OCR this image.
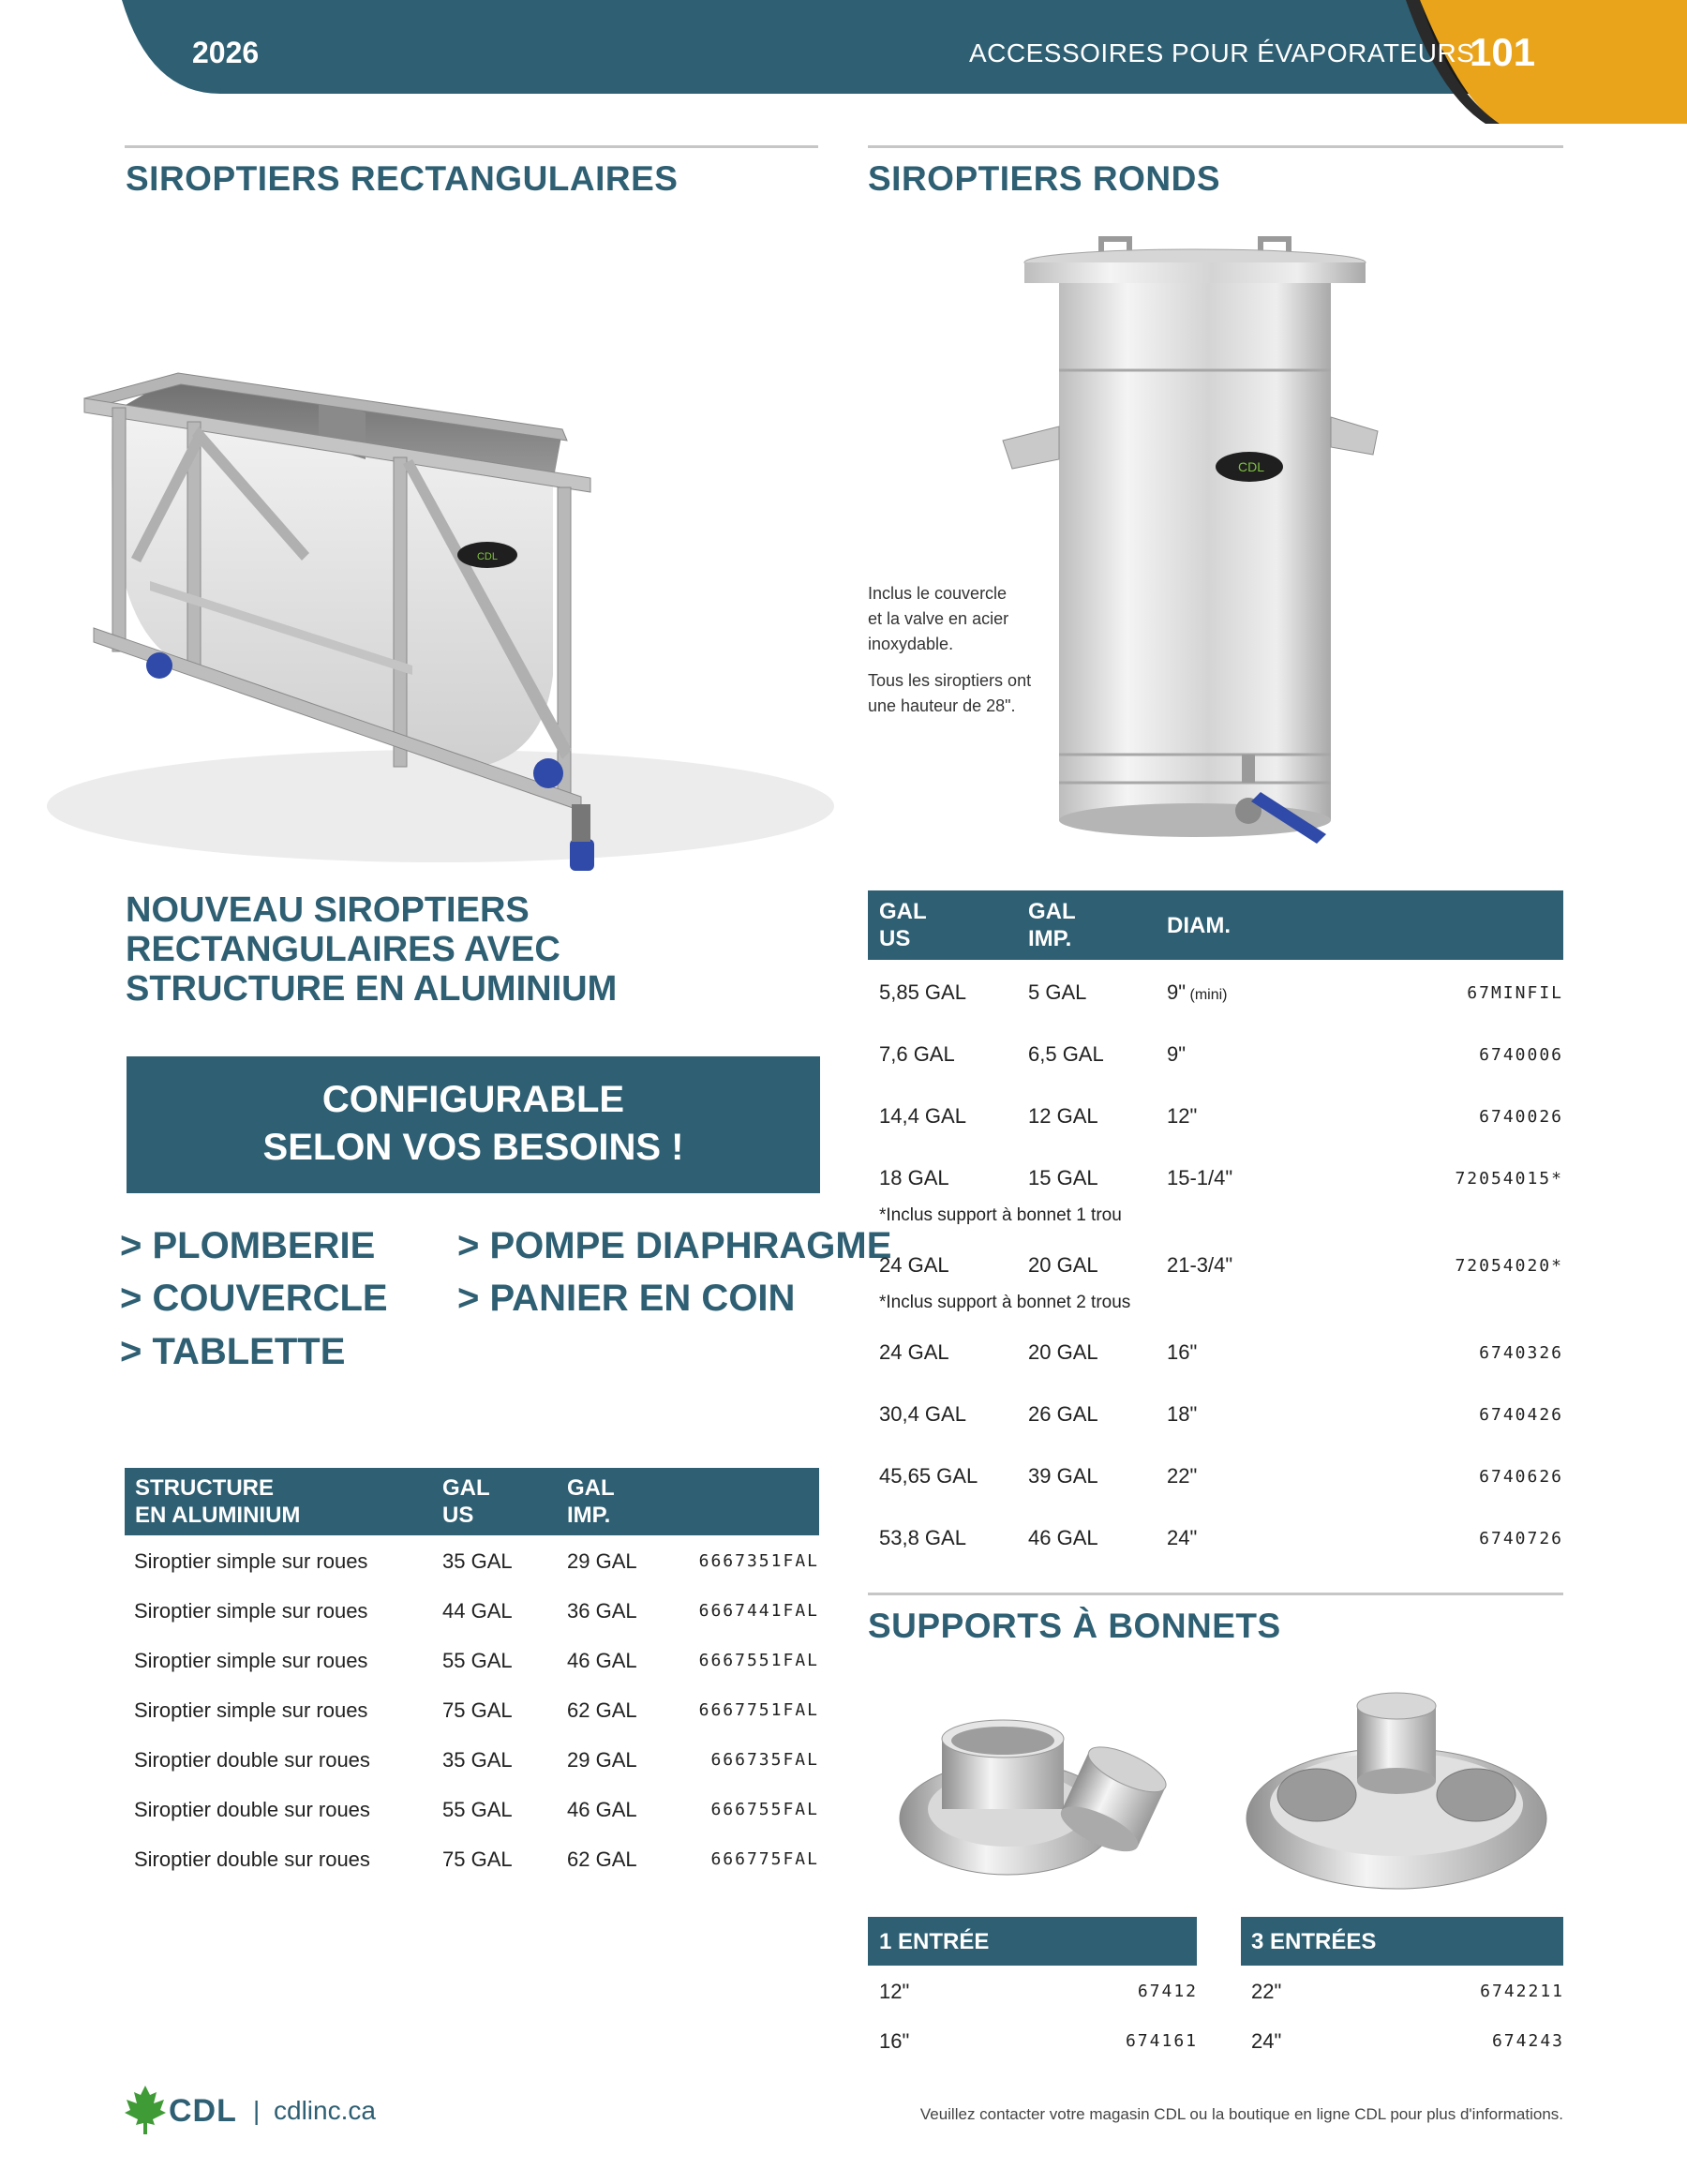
2026	ACCESSOIRES POUR ÉVAPORATEURS
101
SIROPTIERS RECTANGULAIRES
CDL
NOUVEAU SIROPTIERS
RECTANGULAIRES AVEC
STRUCTURE EN ALUMINIUM
CONFIGURABLE
SELON VOS BESOINS !
> PLOMBERIE
> COUVERCLE
> TABLETTE
> POMPE DIAPHRAGME
> PANIER EN COIN
STRUCTURE
EN ALUMINIUM
GAL
US
GAL
IMP.
Siroptier simple sur roues	35 GAL	29 GAL	6667351FAL
Siroptier simple sur roues	44 GAL	36 GAL	6667441FAL
Siroptier simple sur roues	55 GAL	46 GAL	6667551FAL
Siroptier simple sur roues	75 GAL	62 GAL	6667751FAL
Siroptier double sur roues	35 GAL	29 GAL	666735FAL
Siroptier double sur roues	55 GAL	46 GAL	666755FAL
Siroptier double sur roues	75 GAL	62 GAL	666775FAL
SIROPTIERS RONDS
CDL
Inclus le couvercle
et la valve en acier
inoxydable.
Tous les siroptiers ont
une hauteur de 28".
GAL
US
GAL
IMP.
DIAM.
5,85 GAL	5 GAL	9" (mini)	67MINFIL
7,6 GAL	6,5 GAL	9"	6740006
14,4 GAL	12 GAL	12"	6740026
18 GAL	15 GAL	15-1/4"	72054015*
*Inclus support à bonnet 1 trou
24 GAL	20 GAL	21-3/4"	72054020*
*Inclus support à bonnet 2 trous
24 GAL	20 GAL	16"	6740326
30,4 GAL	26 GAL	18"	6740426
45,65 GAL 39 GAL	22"	6740626
53,8 GAL	46 GAL	24"	6740726
SUPPORTS À BONNETS
1 ENTRÉE	3 ENTRÉES
12"	67412
16"	674161
22"	6742211
24"	674243
CDL | cdlinc.ca	Veuillez contacter votre magasin CDL ou la boutique en ligne CDL pour plus d'informations.
